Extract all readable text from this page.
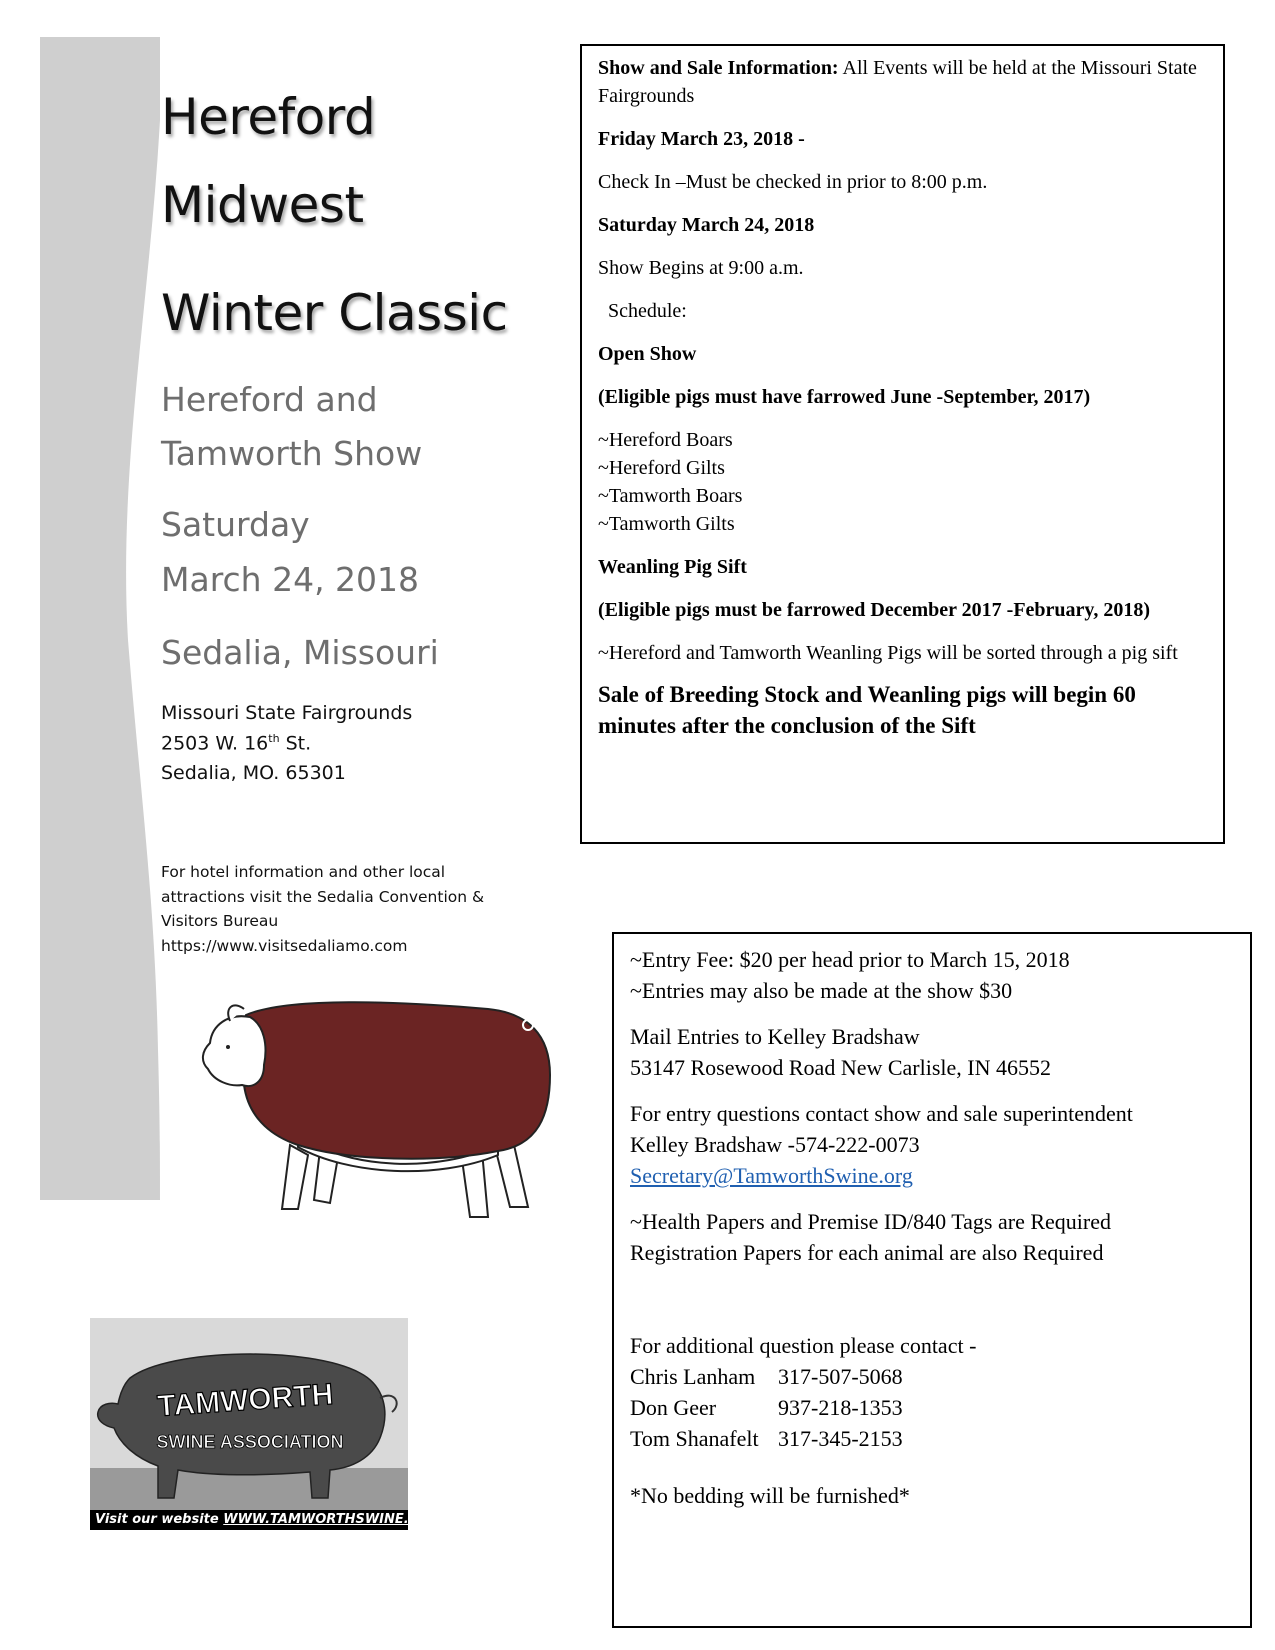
Hereford
Midwest
Winter Classic
Hereford and
Tamworth Show
Saturday
March 24, 2018
Sedalia, Missouri
Missouri State Fairgrounds
2503 W. 16th St.
Sedalia, MO. 65301
For hotel information and other local attractions visit the Sedalia Convention & Visitors Bureau https://www.visitsedaliamo.com
TAMWORTH
SWINE ASSOCIATION
Visit our website WWW.TAMWORTHSWINE.ORG

Show and Sale Information: All Events will be held at the Missouri State Fairgrounds

Friday March 23, 2018 -

Check In –Must be checked in prior to 8:00 p.m.

Saturday March 24, 2018

Show Begins at 9:00 a.m.

Schedule:

Open Show

(Eligible pigs must have farrowed June -September, 2017)

~Hereford Boars

~Hereford Gilts

~Tamworth Boars

~Tamworth Gilts

Weanling Pig Sift

(Eligible pigs must be farrowed December 2017 -February, 2018)

~Hereford and Tamworth Weanling Pigs will be sorted through a pig sift

Sale of Breeding Stock and Weanling pigs will begin 60 minutes after the conclusion of the Sift

~Entry Fee: $20 per head prior to March 15, 2018

~Entries may also be made at the show $30

Mail Entries to Kelley Bradshaw

53147 Rosewood Road New Carlisle, IN 46552

For entry questions contact show and sale superintendent

Kelley Bradshaw -574-222-0073

Secretary@TamworthSwine.org

~Health Papers and Premise ID/840 Tags are Required

Registration Papers for each animal are also Required

For additional question please contact -

Chris Lanham 317-507-5068

Don Geer	937-218-1353

Tom Shanafelt 317-345-2153

*No bedding will be furnished*
